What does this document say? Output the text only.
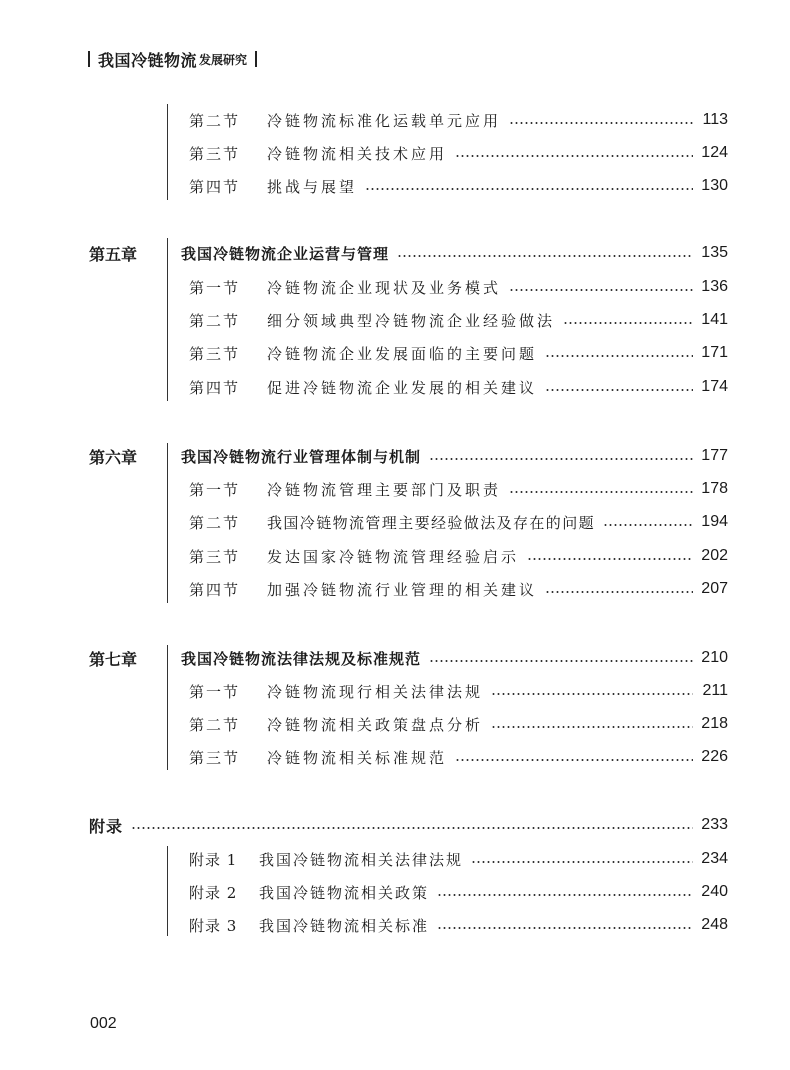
我国冷链物流 发展研究
第二节	冷链物流标准化运载单元应用	113
第三节	冷链物流相关技术应用	124
第四节	挑战与展望	130
第五章	我国冷链物流企业运营与管理	135
第一节	冷链物流企业现状及业务模式	136
第二节	细分领域典型冷链物流企业经验做法	141
第三节	冷链物流企业发展面临的主要问题	171
第四节	促进冷链物流企业发展的相关建议	174
第六章	我国冷链物流行业管理体制与机制	177
第一节	冷链物流管理主要部门及职责	178
第二节	我国冷链物流管理主要经验做法及存在的问题	194
第三节	发达国家冷链物流管理经验启示	202
第四节	加强冷链物流行业管理的相关建议	207
第七章	我国冷链物流法律法规及标准规范	210
第一节	冷链物流现行相关法律法规	211
第二节	冷链物流相关政策盘点分析	218
第三节	冷链物流相关标准规范	226
附录	233
附录 1	我国冷链物流相关法律法规	234
附录 2	我国冷链物流相关政策	240
附录 3	我国冷链物流相关标准	248
002
